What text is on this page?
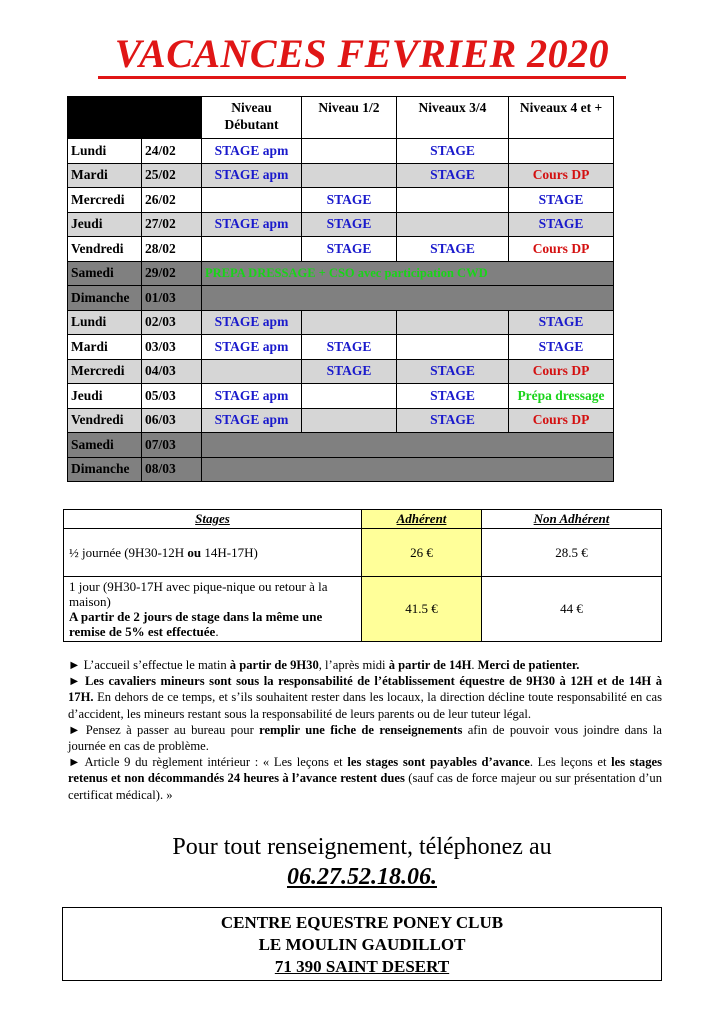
VACANCES FEVRIER 2020
		Niveau Débutant	Niveau 1/2	Niveaux 3/4	Niveaux 4 et +
Lundi	24/02	STAGE apm		STAGE	
Mardi	25/02	STAGE apm		STAGE	Cours DP
Mercredi	26/02		STAGE		STAGE
Jeudi	27/02	STAGE apm	STAGE		STAGE
Vendredi	28/02		STAGE	STAGE	Cours DP
Samedi	29/02	PREPA DRESSAGE + CSO avec participation CWD			
Dimanche	01/03				
Lundi	02/03	STAGE apm			STAGE
Mardi	03/03	STAGE apm	STAGE		STAGE
Mercredi	04/03		STAGE	STAGE	Cours DP
Jeudi	05/03	STAGE apm		STAGE	Prépa dressage
Vendredi	06/03	STAGE apm		STAGE	Cours DP
Samedi	07/03				
Dimanche	08/03				
Stages	Adhérent	Non Adhérent
½ journée (9H30-12H ou 14H-17H)	26 €	28.5 €
1 jour (9H30-17H avec pique-nique ou retour à la maison)
A partir de 2 jours de stage dans la même une remise de 5% est effectuée.	41.5 €	44 €

► L’accueil s’effectue le matin à partir de 9H30, l’après midi à partir de 14H. Merci de patienter.

► Les cavaliers mineurs sont sous la responsabilité de l’établissement équestre de 9H30 à 12H et de 14H à 17H. En dehors de ce temps, et s’ils souhaitent rester dans les locaux, la direction décline toute responsabilité en cas d’accident, les mineurs restant sous la responsabilité de leurs parents ou de leur tuteur légal.

► Pensez à passer au bureau pour remplir une fiche de renseignements afin de pouvoir vous joindre dans la journée en cas de problème.

► Article 9 du règlement intérieur : « Les leçons et les stages sont payables d’avance. Les leçons et les stages retenus et non décommandés 24 heures à l’avance restent dues (sauf cas de force majeur ou sur présentation d’un certificat médical). »

Pour tout renseignement, téléphonez au
06.27.52.18.06.
CENTRE EQUESTRE PONEY CLUB
LE MOULIN GAUDILLOT
71 390 SAINT DESERT
